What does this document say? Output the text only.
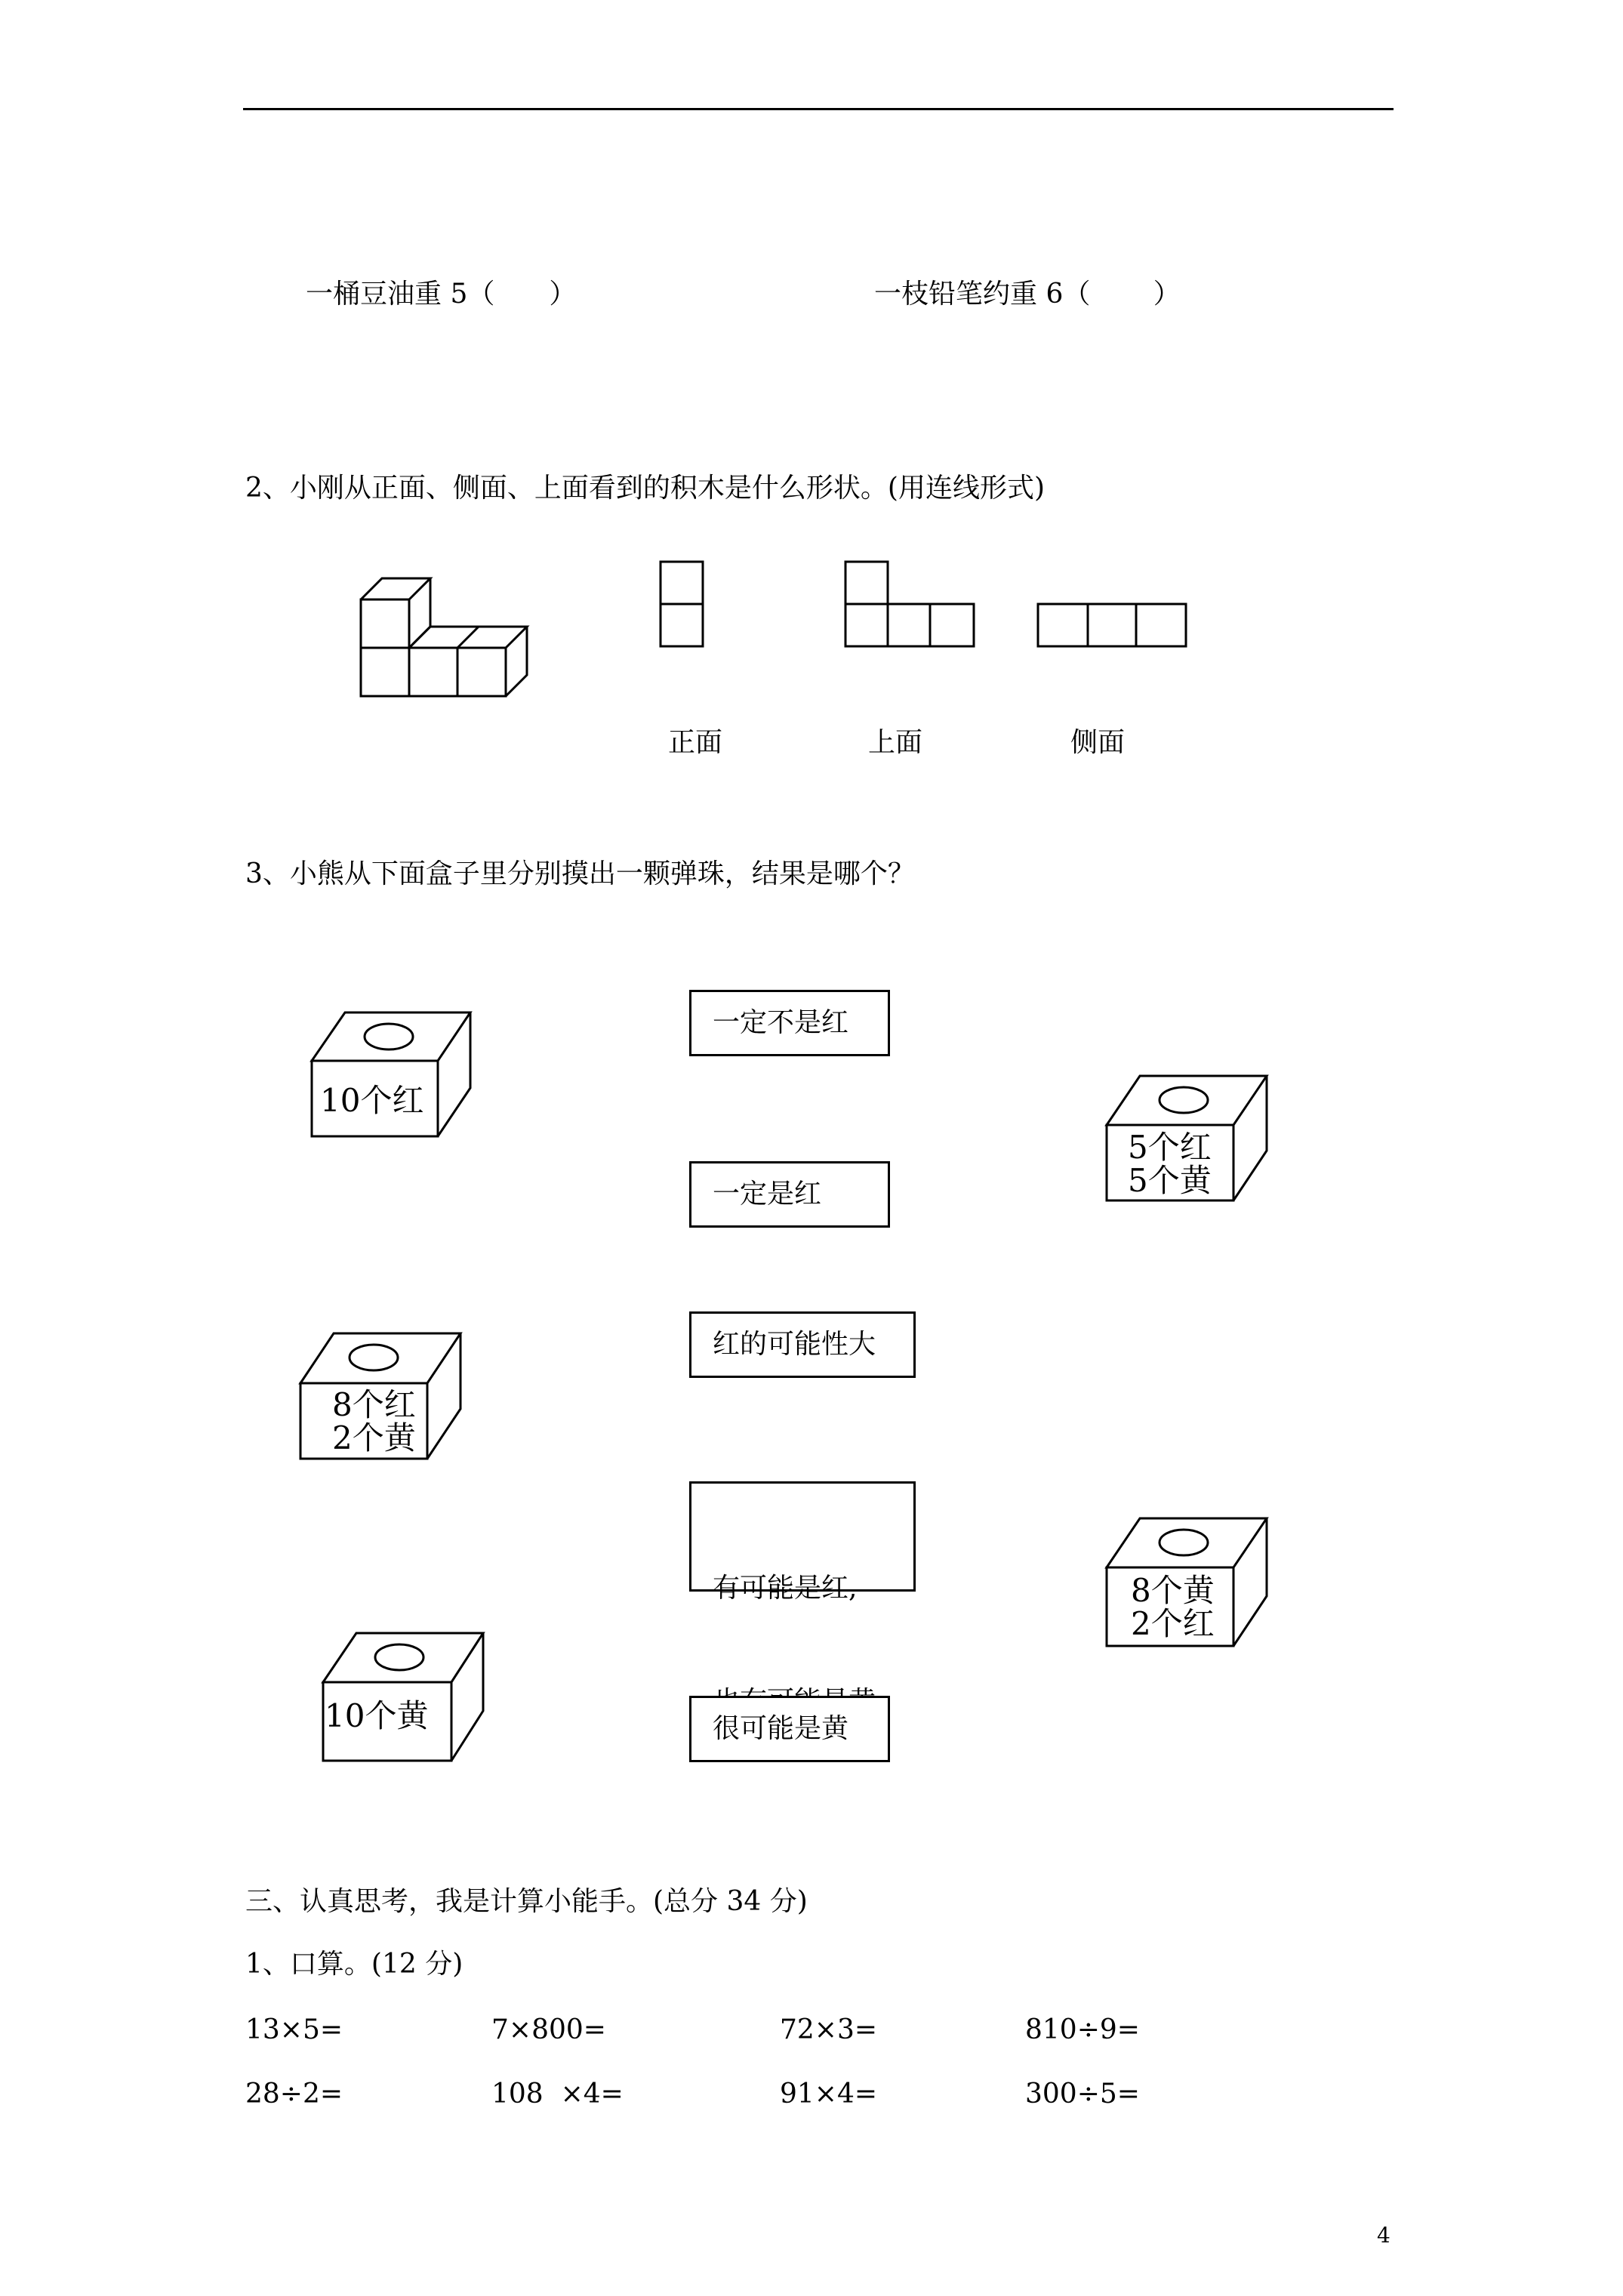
一桶豆油重 5（　　）	一枝铅笔约重 6（　　 ）
2、小刚从正面、侧面、上面看到的积木是什么形状。(用连线形式)
正面	上面	侧面
3、小熊从下面盒子里分别摸出一颗弹珠，结果是哪个？
10个红
8个红
2个黄
10个黄
5个红
5个黄
8个黄
2个红
一定不是红
一定是红
红的可能性大

有可能是红,

很可能是黄
三、认真思考，我是计算小能手。(总分 34 分)
1、口算。(12 分)
13×5=	7×800=	72×3=	810÷9=
28÷2=	108  ×4=	91×4=	300÷5=
4
